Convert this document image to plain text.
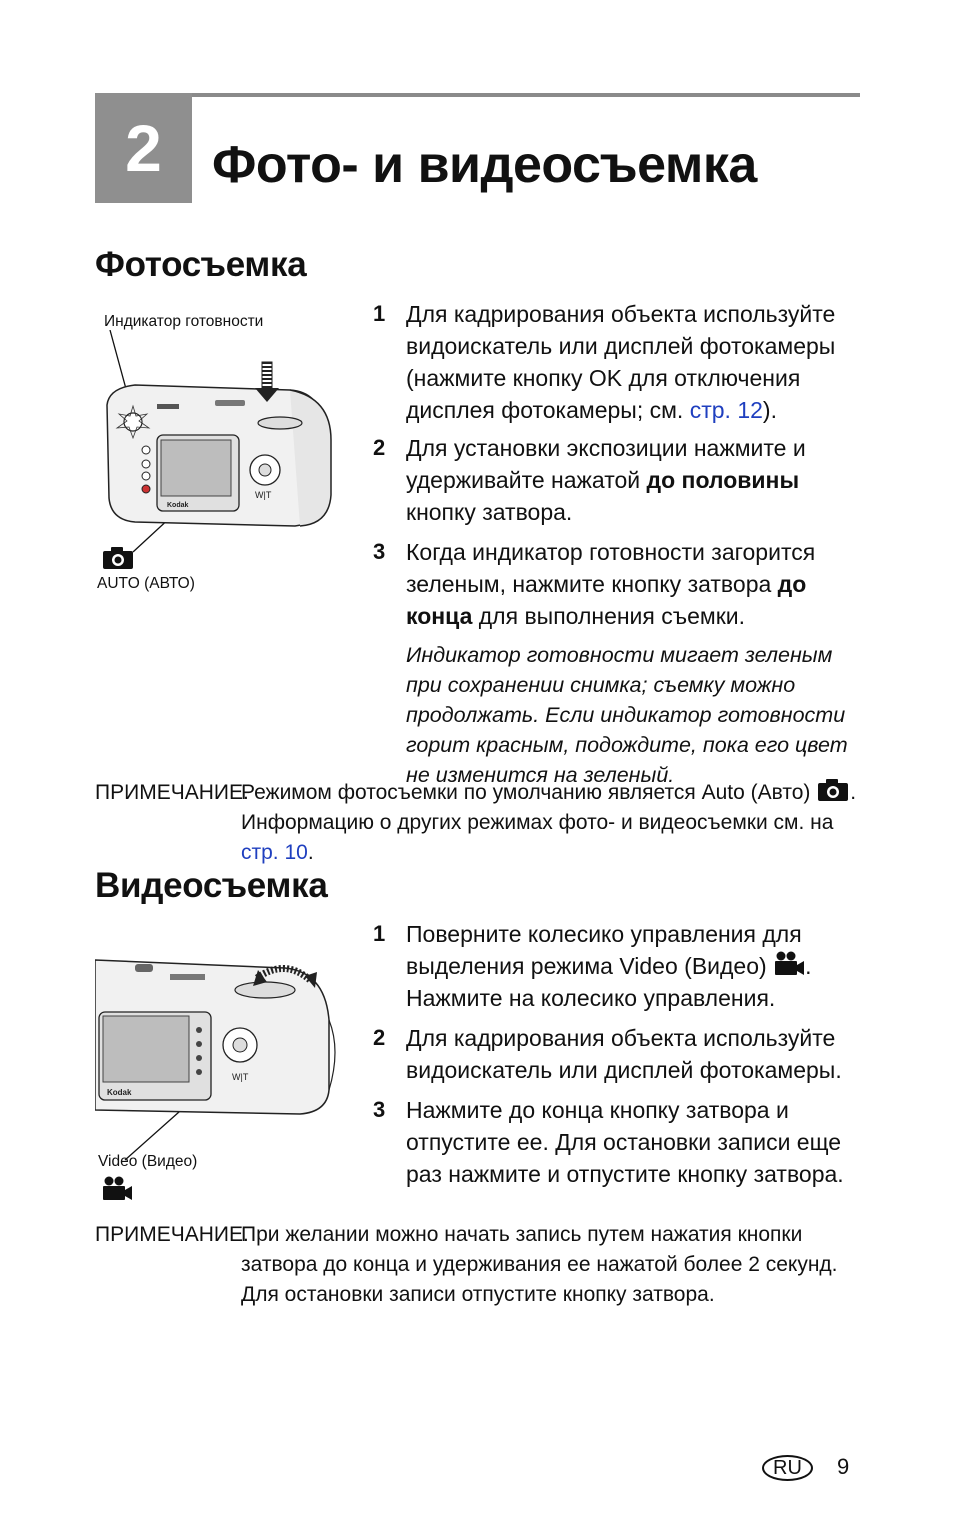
2 Фото- и видеосъемка
Фотосъемка
Индикатор готовности
Kodak
W|T
AUTO (АВТО)
1 Для кадрирования объекта используйте видоискатель или дисплей фотокамеры (нажмите кнопку OK для отключения дисплея фотокамеры; см. стр. 12).
2 Для установки экспозиции нажмите и удерживайте нажатой до половины кнопку затвора.
3 Когда индикатор готовности загорится зеленым, нажмите кнопку затвора до конца для выполнения съемки.
Индикатор готовности мигает зеленым при сохранении снимка; съемку можно продолжать. Если индикатор готовности горит красным, подождите, пока его цвет не изменится на зеленый.
ПРИМЕЧАНИЕ.
Режимом фотосъемки по умолчанию является Auto (Авто) .
Информацию о других режимах фото- и видеосъемки см. на стр. 10.
Видеосъемка
Kodak
W|T
Video (Видео)
1 Поверните колесико управления для выделения режима Video (Видео) . Нажмите на колесико управления.
2 Для кадрирования объекта используйте видоискатель или дисплей фотокамеры.
3 Нажмите до конца кнопку затвора и отпустите ее. Для остановки записи еще раз нажмите и отпустите кнопку затвора.
ПРИМЕЧАНИЕ.
При желании можно начать запись путем нажатия кнопки затвора до конца и удерживания ее нажатой более 2 секунд. Для остановки записи отпустите кнопку затвора.
RU 9
